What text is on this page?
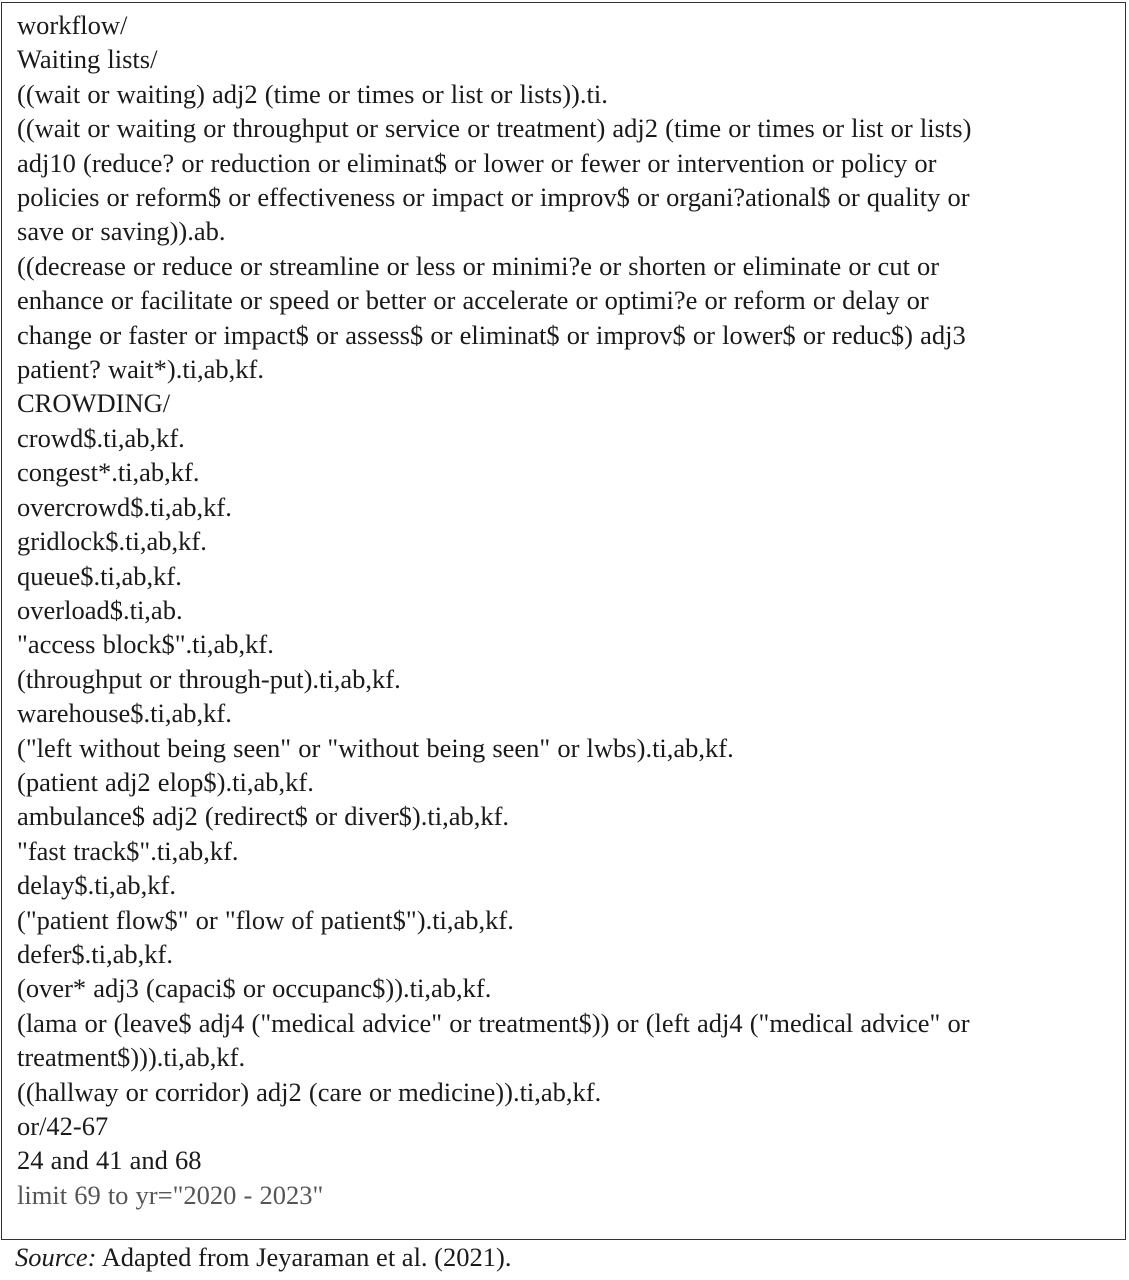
workflow/
Waiting lists/
((wait or waiting) adj2 (time or times or list or lists)).ti.
((wait or waiting or throughput or service or treatment) adj2 (time or times or list or lists)
adj10 (reduce? or reduction or eliminat$ or lower or fewer or intervention or policy or
policies or reform$ or effectiveness or impact or improv$ or organi?ational$ or quality or
save or saving)).ab.
((decrease or reduce or streamline or less or minimi?e or shorten or eliminate or cut or
enhance or facilitate or speed or better or accelerate or optimi?e or reform or delay or
change or faster or impact$ or assess$ or eliminat$ or improv$ or lower$ or reduc$) adj3
patient? wait*).ti,ab,kf.
CROWDING/
crowd$.ti,ab,kf.
congest*.ti,ab,kf.
overcrowd$.ti,ab,kf.
gridlock$.ti,ab,kf.
queue$.ti,ab,kf.
overload$.ti,ab.
"access block$".ti,ab,kf.
(throughput or through-put).ti,ab,kf.
warehouse$.ti,ab,kf.
("left without being seen" or "without being seen" or lwbs).ti,ab,kf.
(patient adj2 elop$).ti,ab,kf.
ambulance$ adj2 (redirect$ or diver$).ti,ab,kf.
"fast track$".ti,ab,kf.
delay$.ti,ab,kf.
("patient flow$" or "flow of patient$").ti,ab,kf.
defer$.ti,ab,kf.
(over* adj3 (capaci$ or occupanc$)).ti,ab,kf.
(lama or (leave$ adj4 ("medical advice" or treatment$)) or (left adj4 ("medical advice" or
treatment$))).ti,ab,kf.
((hallway or corridor) adj2 (care or medicine)).ti,ab,kf.
or/42-67
24 and 41 and 68
limit 69 to yr="2020 - 2023"
Source: Adapted from Jeyaraman et al. (2021).
